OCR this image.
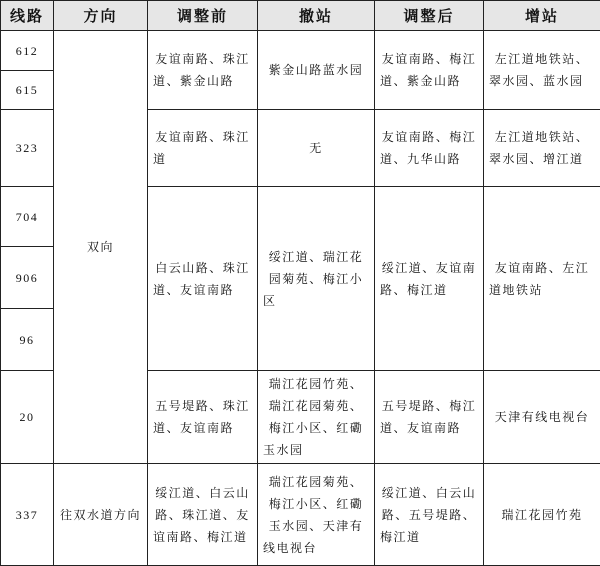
线路	方向	调整前	撤站	调整后	增站
612	双向	友谊南路、珠江道、紫金山路	紫金山路蓝水园	友谊南路、梅江道、紫金山路	左江道地铁站、翠水园、蓝水园
615					
323		友谊南路、珠江道	无	友谊南路、梅江道、九华山路	左江道地铁站、翠水园、增江道
704		白云山路、珠江道、友谊南路	绥江道、瑞江花园菊苑、梅江小区	绥江道、友谊南路、梅江道	友谊南路、左江道地铁站
906					
96					
20		五号堤路、珠江道、友谊南路	瑞江花园竹苑、瑞江花园菊苑、梅江小区、红磡玉水园	五号堤路、梅江道、友谊南路	天津有线电视台

337	往双水道方向	绥江道、白云山路、珠江道、友谊南路、梅江道	瑞江花园菊苑、梅江小区、红磡玉水园、天津有线电视台	绥江道、白云山路、五号堤路、梅江道	瑞江花园竹苑
